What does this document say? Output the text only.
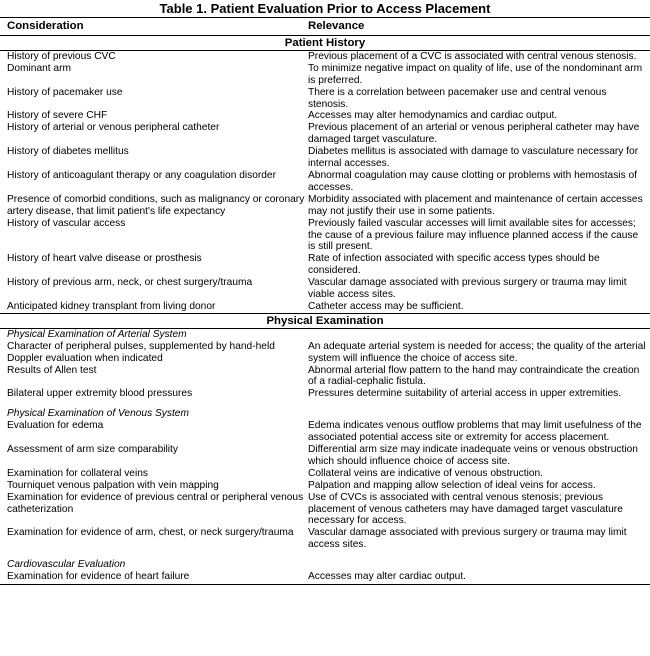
Table 1. Patient Evaluation Prior to Access Placement
Consideration	Relevance
Patient History	
History of previous CVC	Previous placement of a CVC is associated with central venous stenosis.
Dominant arm	To minimize negative impact on quality of life, use of the nondominant arm is preferred.
History of pacemaker use	There is a correlation between pacemaker use and central venous stenosis.
History of severe CHF	Accesses may alter hemodynamics and cardiac output.
History of arterial or venous peripheral catheter	Previous placement of an arterial or venous peripheral catheter may have damaged target vasculature.
History of diabetes mellitus	Diabetes mellitus is associated with damage to vasculature necessary for internal accesses.
History of anticoagulant therapy or any coagulation disorder	Abnormal coagulation may cause clotting or problems with hemostasis of accesses.
Presence of comorbid conditions, such as malignancy or coronary artery disease, that limit patient's life expectancy	Morbidity associated with placement and maintenance of certain accesses may not justify their use in some patients.
History of vascular access	Previously failed vascular accesses will limit available sites for accesses; the cause of a previous failure may influence planned access if the cause is still present.
History of heart valve disease or prosthesis	Rate of infection associated with specific access types should be considered.
History of previous arm, neck, or chest surgery/trauma	Vascular damage associated with previous surgery or trauma may limit viable access sites.
Anticipated kidney transplant from living donor	Catheter access may be sufficient.
Physical Examination	
Physical Examination of Arterial System	
Character of peripheral pulses, supplemented by hand-held Doppler evaluation when indicated	An adequate arterial system is needed for access; the quality of the arterial system will influence the choice of access site.
Results of Allen test	Abnormal arterial flow pattern to the hand may contraindicate the creation of a radial-cephalic fistula.
Bilateral upper extremity blood pressures	Pressures determine suitability of arterial access in upper extremities.

Physical Examination of Venous System	
Evaluation for edema	Edema indicates venous outflow problems that may limit usefulness of the associated potential access site or extremity for access placement.
Assessment of arm size comparability	Differential arm size may indicate inadequate veins or venous obstruction which should influence choice of access site.
Examination for collateral veins	Collateral veins are indicative of venous obstruction.
Tourniquet venous palpation with vein mapping	Palpation and mapping allow selection of ideal veins for access.
Examination for evidence of previous central or peripheral venous catheterization	Use of CVCs is associated with central venous stenosis; previous placement of venous catheters may have damaged target vasculature necessary for access.
Examination for evidence of arm, chest, or neck surgery/trauma	Vascular damage associated with previous surgery or trauma may limit access sites.

Cardiovascular Evaluation	
Examination for evidence of heart failure	Accesses may alter cardiac output.
